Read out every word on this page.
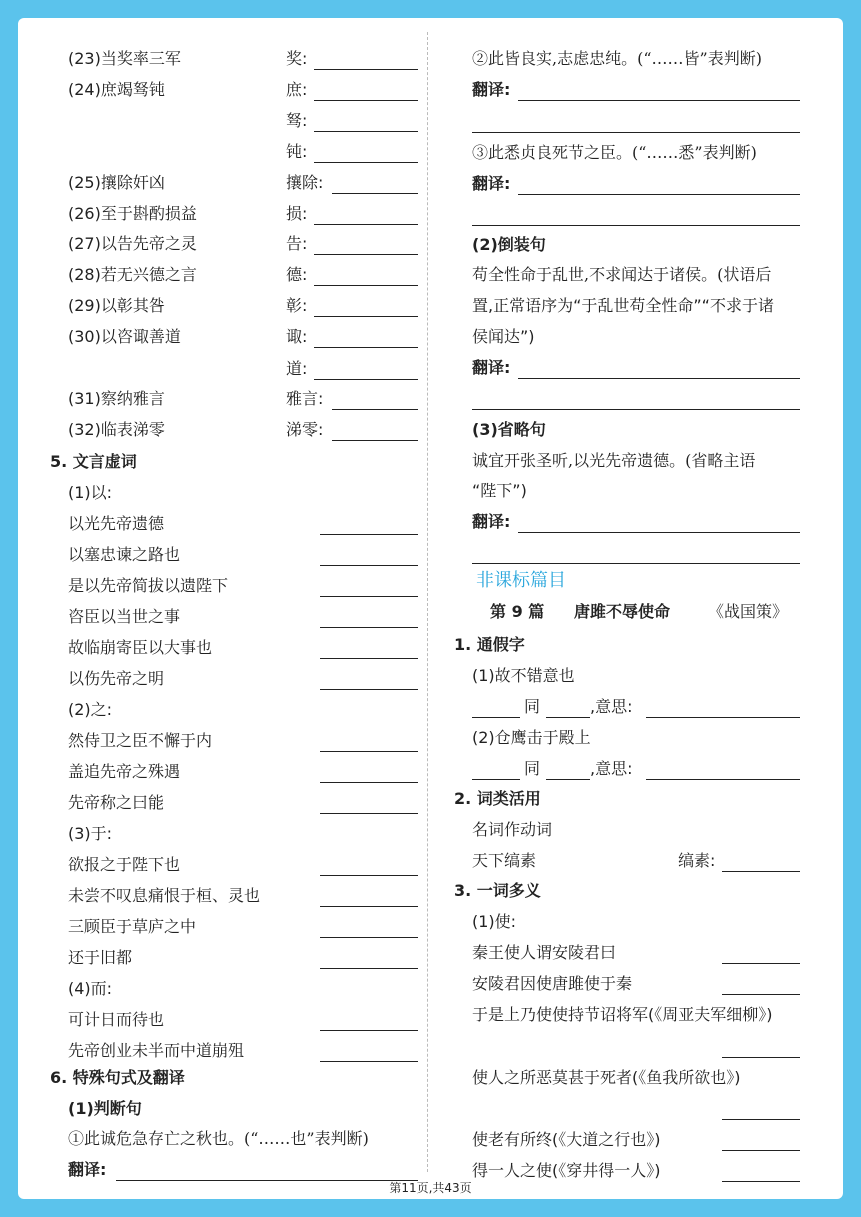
(23)当奖率三军	奖:
(24)庶竭驽钝	庶:
驽:
钝:
(25)攘除奸凶	攘除:
(26)至于斟酌损益	损:
(27)以告先帝之灵	告:
(28)若无兴德之言	德:
(29)以彰其咎	彰:
(30)以咨诹善道	诹:
道:
(31)察纳雅言	雅言:
(32)临表涕零	涕零:
5. 文言虚词
(1)以:
以光先帝遗德
以塞忠谏之路也
是以先帝简拔以遗陛下
咨臣以当世之事
故临崩寄臣以大事也
以伤先帝之明
(2)之:
然侍卫之臣不懈于内
盖追先帝之殊遇
先帝称之曰能
(3)于:
欲报之于陛下也
未尝不叹息痛恨于桓、灵也
三顾臣于草庐之中
还于旧都
(4)而:
可计日而待也
先帝创业未半而中道崩殂
6. 特殊句式及翻译
(1)判断句
①此诚危急存亡之秋也。(“……也”表判断)
翻译:
②此皆良实,志虑忠纯。(“……皆”表判断)
翻译:
③此悉贞良死节之臣。(“……悉”表判断)
翻译:
(2)倒装句
苟全性命于乱世,不求闻达于诸侯。(状语后
置,正常语序为“于乱世苟全性命”“不求于诸
侯闻达”)
翻译:
(3)省略句
诚宜开张圣听,以光先帝遗德。(省略主语
“陛下”)
翻译:
非课标篇目
第 9 篇 唐雎不辱使命 《战国策》
1. 通假字
(1)故不错意也
同	,意思:
(2)仓鹰击于殿上
同	,意思:
2. 词类活用
名词作动词
天下缟素	缟素:
3. 一词多义
(1)使:
秦王使人谓安陵君曰
安陵君因使唐雎使于秦
于是上乃使使持节诏将军(《周亚夫军细柳》)
使人之所恶莫甚于死者(《鱼我所欲也》)
使老有所终(《大道之行也》)
得一人之使(《穿井得一人》)
第11页,共43页
